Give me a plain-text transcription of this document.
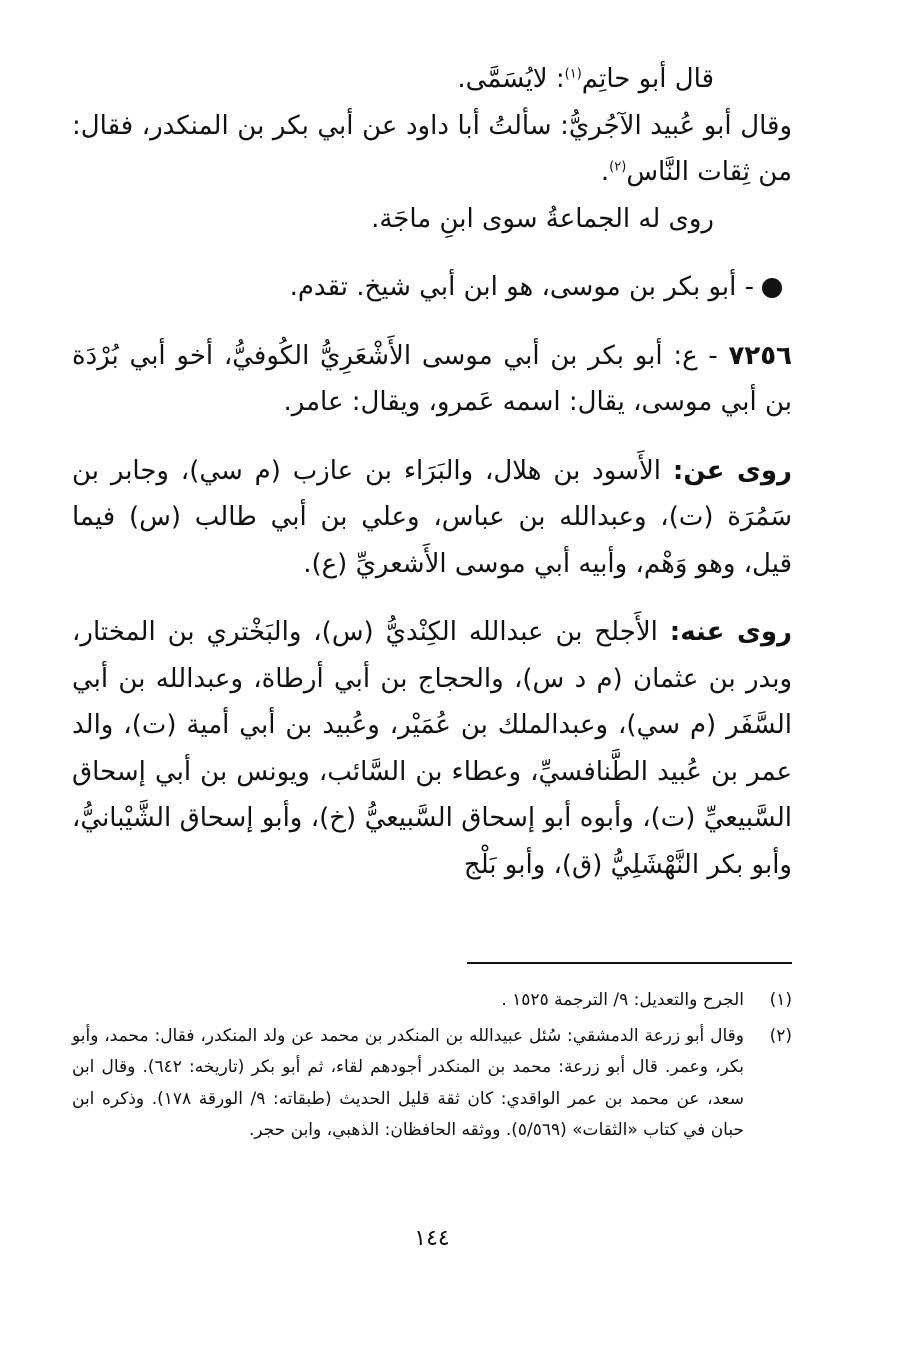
قال أبو حاتِم$^{(١)}$: لايُسَمَّى.

وقال أبو عُبيد الآجُريُّ: سألتُ أبا داود عن أبي بكر بن المنكدر، فقال: من ثِقات النَّاس$^{(٢)}$.

روى له الجماعةُ سوى ابنِ ماجَة.

- أبو بكر بن موسى، هو ابن أبي شيخ. تقدم.

٧٢٥٦ - ع: أبو بكر بن أبي موسى الأَشْعَرِيُّ الكُوفيُّ، أخو أبي بُرْدَة بن أبي موسى، يقال: اسمه عَمرو، ويقال: عامر.

روى عن: الأَسود بن هلال، والبَرَاء بن عازب (م سي)، وجابر بن سَمُرَة (ت)، وعبدالله بن عباس، وعلي بن أبي طالب (س) فيما قيل، وهو وَهْم، وأبيه أبي موسى الأَشعريِّ (ع).

روى عنه: الأَجلح بن عبدالله الكِنْديُّ (س)، والبَخْتري بن المختار، وبدر بن عثمان (م د س)، والحجاج بن أبي أرطاة، وعبدالله بن أبي السَّفَر (م سي)، وعبدالملك بن عُمَيْر، وعُبيد بن أبي أمية (ت)، والد عمر بن عُبيد الطَّنافسيِّ، وعطاء بن السَّائب، ويونس بن أبي إسحاق السَّبيعيِّ (ت)، وأبوه أبو إسحاق السَّبيعيُّ (خ)، وأبو إسحاق الشَّيْبانيُّ، وأبو بكر النَّهْشَلِيُّ (ق)، وأبو بَلْج

(١)
الجرح والتعديل: ٩/ الترجمة ١٥٢٥ .
(٢)
وقال أبو زرعة الدمشقي: سُئل عبيدالله بن المنكدر بن محمد عن ولد المنكدر، فقال: محمد، وأبو بكر، وعمر. قال أبو زرعة: محمد بن المنكدر أجودهم لقاء، ثم أبو بكر (تاريخه: ٦٤٢). وقال ابن سعد، عن محمد بن عمر الواقدي: كان ثقة قليل الحديث (طبقاته: ٩/ الورقة ١٧٨). وذكره ابن حبان في كتاب «الثقات» (٥/٥٦٩). ووثقه الحافظان: الذهبي، وابن حجر.
١٤٤
